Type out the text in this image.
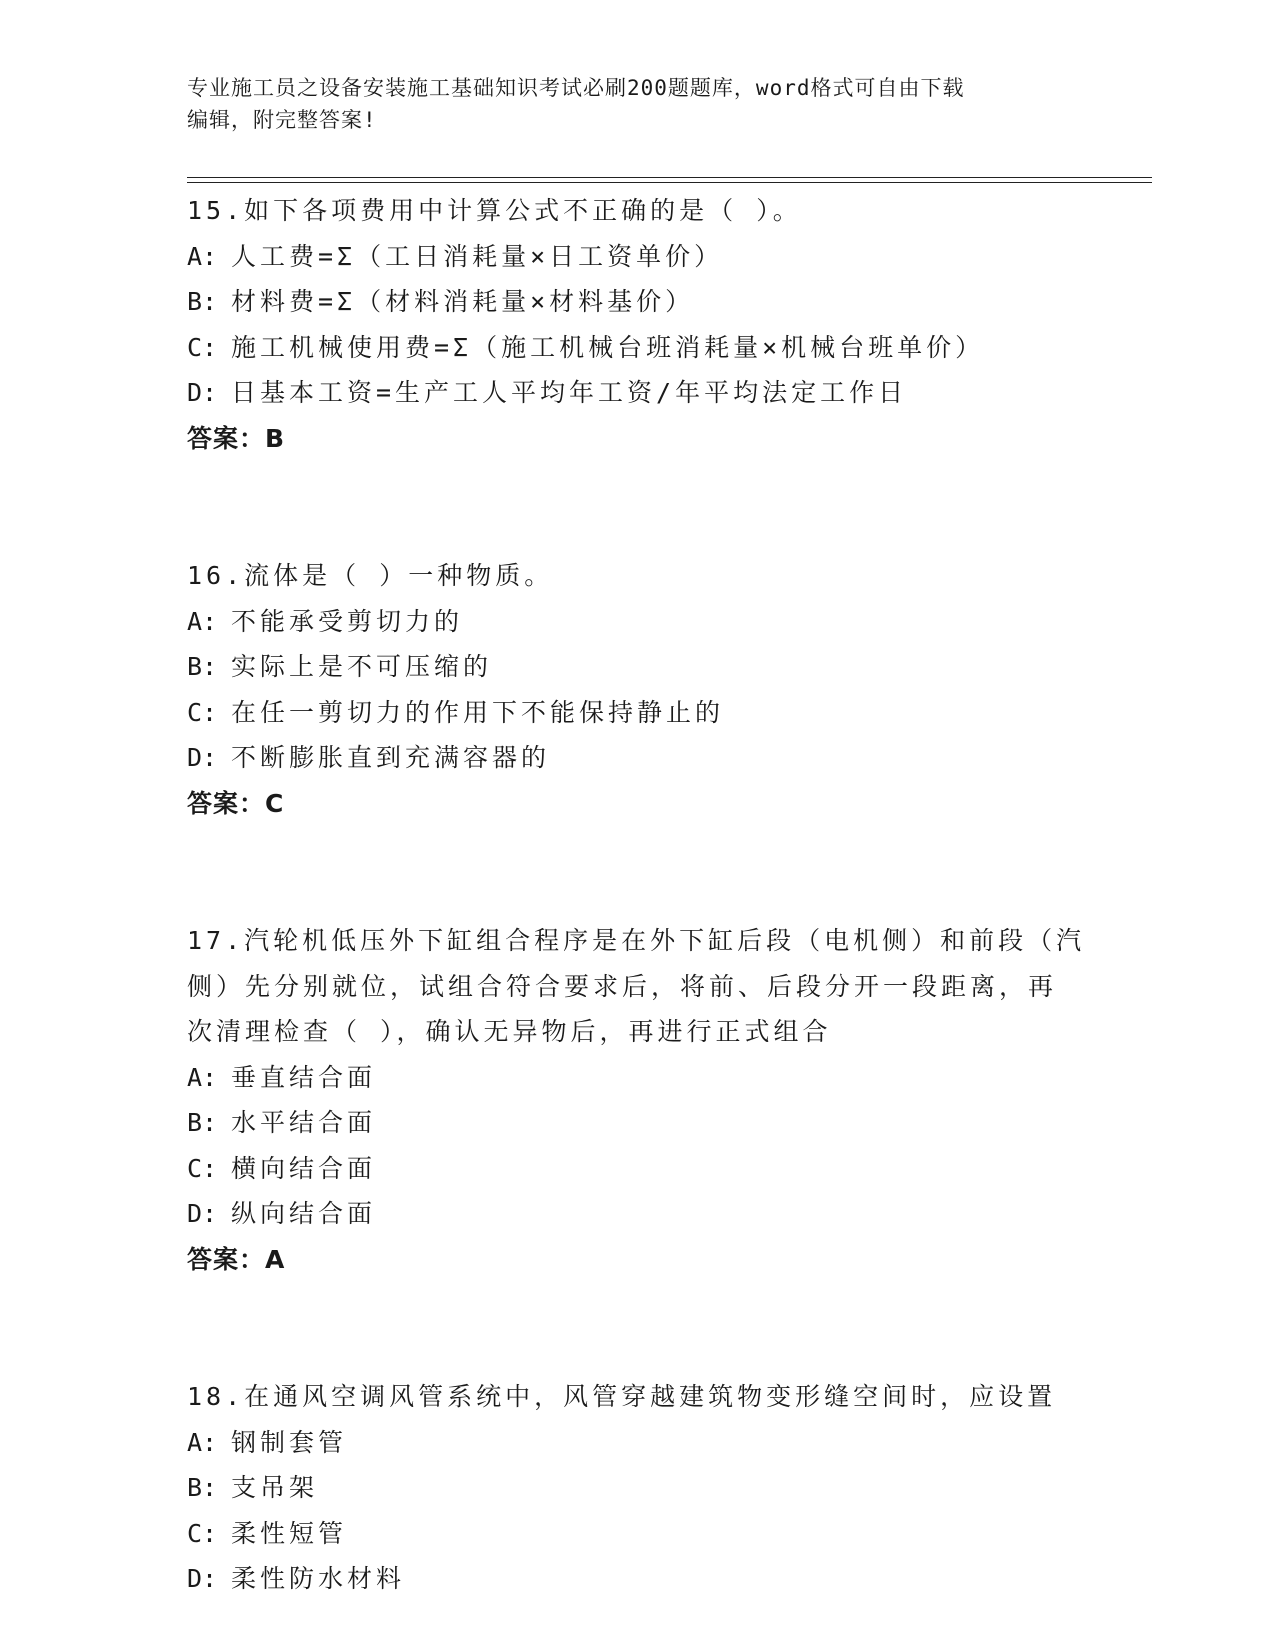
专业施工员之设备安装施工基础知识考试必刷200题题库，word格式可自由下载
编辑，附完整答案!

15.如下各项费用中计算公式不正确的是（ ）。

A: 人工费=Σ（工日消耗量×日工资单价）

B: 材料费=Σ（材料消耗量×材料基价）

C: 施工机械使用费=Σ（施工机械台班消耗量×机械台班单价）

D: 日基本工资=生产工人平均年工资/年平均法定工作日

答案：B

16.流体是（ ）一种物质。

A: 不能承受剪切力的

B: 实际上是不可压缩的

C: 在任一剪切力的作用下不能保持静止的

D: 不断膨胀直到充满容器的

答案：C

17.汽轮机低压外下缸组合程序是在外下缸后段（电机侧）和前段（汽

侧）先分别就位，试组合符合要求后，将前、后段分开一段距离，再

次清理检查（ ），确认无异物后，再进行正式组合

A: 垂直结合面

B: 水平结合面

C: 横向结合面

D: 纵向结合面

答案：A

18.在通风空调风管系统中，风管穿越建筑物变形缝空间时，应设置

A: 钢制套管

B: 支吊架

C: 柔性短管

D: 柔性防水材料
